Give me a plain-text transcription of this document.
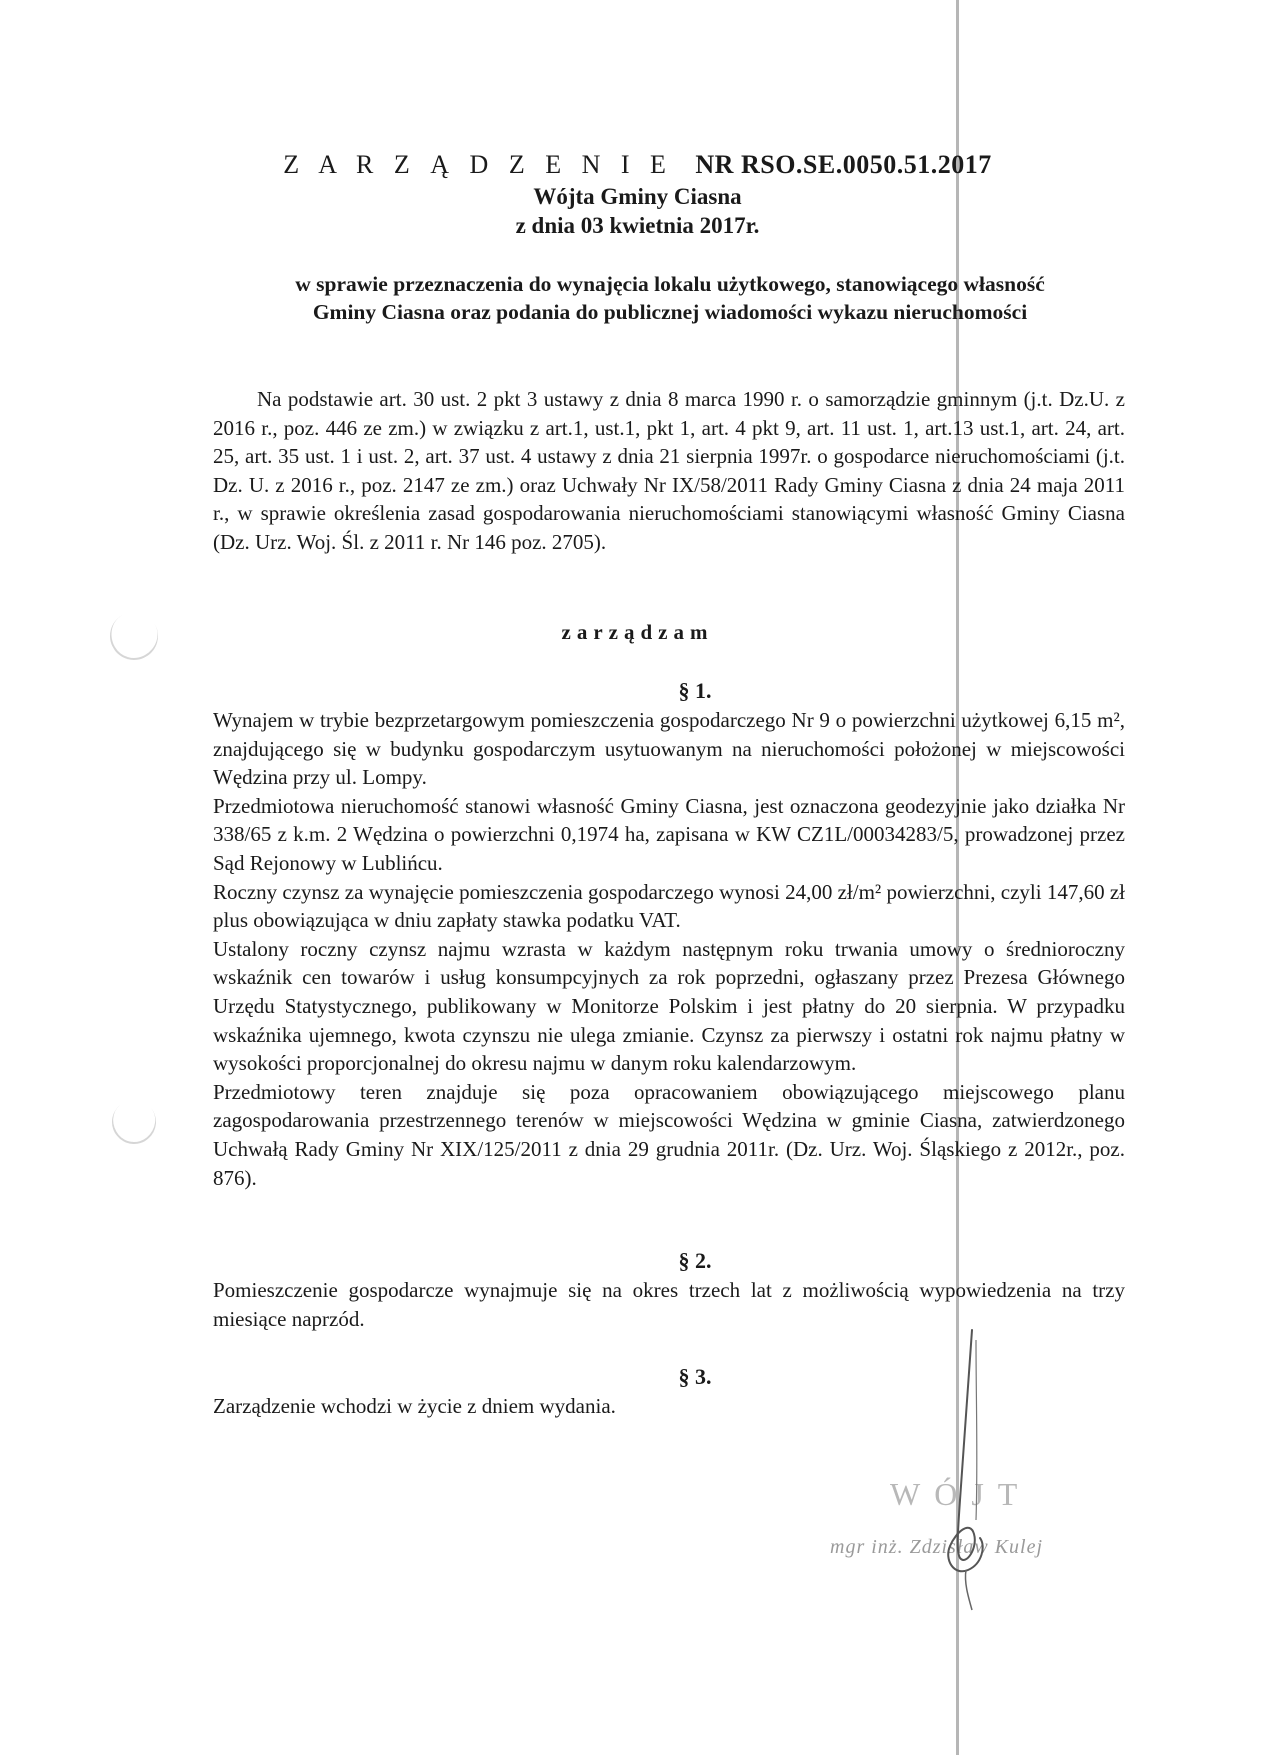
Z A R Z Ą D Z E N I E NR RSO.SE.0050.51.2017
Wójta Gminy Ciasna
z dnia 03 kwietnia 2017r.
w sprawie przeznaczenia do wynajęcia lokalu użytkowego, stanowiącego własność
Gminy Ciasna oraz podania do publicznej wiadomości wykazu nieruchomości
Na podstawie art. 30 ust. 2 pkt 3 ustawy z dnia 8 marca 1990 r. o samorządzie gminnym (j.t. Dz.U. z 2016 r., poz. 446 ze zm.) w związku z art.1, ust.1, pkt 1, art. 4 pkt 9, art. 11 ust. 1, art.13 ust.1, art. 24, art. 25, art. 35 ust. 1 i ust. 2, art. 37 ust. 4 ustawy z dnia 21 sierpnia 1997r. o gospodarce nieruchomościami (j.t. Dz. U. z 2016 r., poz. 2147 ze zm.) oraz Uchwały Nr IX/58/2011 Rady Gminy Ciasna z dnia 24 maja 2011 r., w sprawie określenia zasad gospodarowania nieruchomościami stanowiącymi własność Gminy Ciasna (Dz. Urz. Woj. Śl. z 2011 r. Nr 146 poz. 2705).
zarządzam
§ 1.

Wynajem w trybie bezprzetargowym pomieszczenia gospodarczego Nr 9 o powierzchni użytkowej 6,15 m², znajdującego się w budynku gospodarczym usytuowanym na nieruchomości położonej w miejscowości Wędzina przy ul. Lompy.

Przedmiotowa nieruchomość stanowi własność Gminy Ciasna, jest oznaczona geodezyjnie jako działka Nr 338/65 z k.m. 2 Wędzina o powierzchni 0,1974 ha, zapisana w KW CZ1L/00034283/5, prowadzonej przez Sąd Rejonowy w Lublińcu.

Roczny czynsz za wynajęcie pomieszczenia gospodarczego wynosi 24,00 zł/m² powierzchni, czyli 147,60 zł plus obowiązująca w dniu zapłaty stawka podatku VAT.

Ustalony roczny czynsz najmu wzrasta w każdym następnym roku trwania umowy o średnioroczny wskaźnik cen towarów i usług konsumpcyjnych za rok poprzedni, ogłaszany przez Prezesa Głównego Urzędu Statystycznego, publikowany w Monitorze Polskim i jest płatny do 20 sierpnia. W przypadku wskaźnika ujemnego, kwota czynszu nie ulega zmianie. Czynsz za pierwszy i ostatni rok najmu płatny w wysokości proporcjonalnej do okresu najmu w danym roku kalendarzowym.

Przedmiotowy teren znajduje się poza opracowaniem obowiązującego miejscowego planu zagospodarowania przestrzennego terenów w miejscowości Wędzina w gminie Ciasna, zatwierdzonego Uchwałą Rady Gminy Nr XIX/125/2011 z dnia 29 grudnia 2011r. (Dz. Urz. Woj. Śląskiego z 2012r., poz. 876).

§ 2.

Pomieszczenie gospodarcze wynajmuje się na okres trzech lat z możliwością wypowiedzenia na trzy miesiące naprzód.

§ 3.

Zarządzenie wchodzi w życie z dniem wydania.

WÓJT
mgr inż. Zdzisław Kulej
